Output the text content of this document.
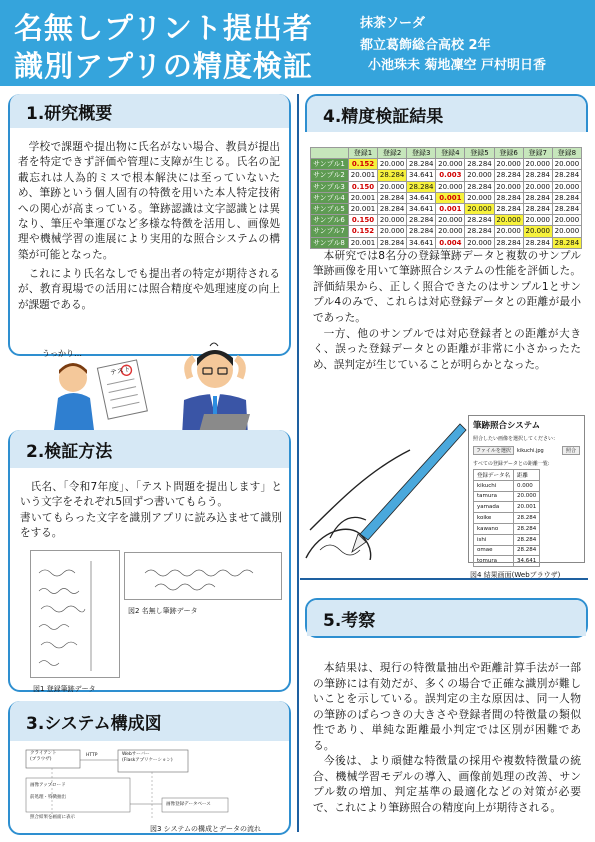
名無しプリント提出者
識別アプリの精度検証
抹茶ソーダ
都立葛飾総合高校 2年
小池珠未 菊地凜空 戸村明日香
1.研究概要
学校で課題や提出物に氏名がない場合、教員が提出者を特定できず評価や管理に支障が生じる。氏名の記載忘れは人為的ミスで根本解決には至っていないため、筆跡という個人固有の特徴を用いた本人特定技術への関心が高まっている。筆跡認識は文字認識とは異なり、筆圧や筆運びなど多様な特徴を活用し、画像処理や機械学習の進展により実用的な照合システムの構築が可能となった。
これにより氏名なしでも提出者の特定が期待されるが、教育現場での活用には照合精度や処理速度の向上が課題である。
うっかり…
テスト
2.検証方法
氏名、「令和7年度」、「テスト問題を提出します」という文字をそれぞれ5回ずつ書いてもらう。
書いてもらった文字を識別アプリに読み込ませて識別をする。
図2 名無し筆跡データ
図1 登録筆跡データ
3.システム構成図
クライアント
(ブラウザ)
HTTP	Webサーバー
(Flaskアプリケーション)
画像アップロード
前処理・特徴抽出
画像登録データベース
照合結果を画面に表示
図3 システムの構成とデータの流れ
4.精度検証結果
	登録1	登録2	登録3	登録4	登録5	登録6	登録7	登録8
サンプル1	0.152	20.000	28.284	20.000	28.284	20.000	20.000	20.000
サンプル2	20.001	28.284	34.641	0.003	20.000	28.284	28.284	28.284
サンプル3	0.150	20.000	28.284	20.000	28.284	20.000	20.000	20.000
サンプル4	20.001	28.284	34.641	0.001	20.000	28.284	28.284	28.284
サンプル5	20.001	28.284	34.641	0.001	20.000	28.284	28.284	28.284
サンプル6	0.150	20.000	28.284	20.000	28.284	20.000	20.000	20.000
サンプル7	0.152	20.000	28.284	20.000	28.284	20.000	20.000	20.000
サンプル8	20.001	28.284	34.641	0.004	20.000	28.284	28.284	28.284
本研究では8名分の登録筆跡データと複数のサンプル筆跡画像を用いて筆跡照合システムの性能を評価した。評価結果から、正しく照合できたのはサンプル1とサンプル4のみで、これらは対応登録データとの距離が最小であった。
一方、他のサンプルでは対応登録者との距離が大きく、誤った登録データとの距離が非常に小さかったため、誤判定が生じていることが明らかとなった。
筆跡照合システム
照合したい画像を選択してください：
ファイルを選択	kikuchi.jpg	照合
すべての登録データとの距離一覧:
登録データ名	距離
kikuchi	0.000
tamura	20.000
yamada	20.001
koike	28.284
kawano	28.284
ishi	28.284
omae	28.284
tomura	34.641
図4 結果画面(Webブラウザ)
5.考察
本結果は、現行の特徴量抽出や距離計算手法が一部の筆跡には有効だが、多くの場合で正確な識別が難しいことを示している。誤判定の主な原因は、同一人物の筆跡のばらつきの大きさや登録者間の特徴量の類似性であり、単純な距離最小判定では区別が困難である。
今後は、より頑健な特徴量の採用や複数特徴量の統合、機械学習モデルの導入、画像前処理の改善、サンプル数の増加、判定基準の最適化などの対策が必要で、これにより筆跡照合の精度向上が期待される。
